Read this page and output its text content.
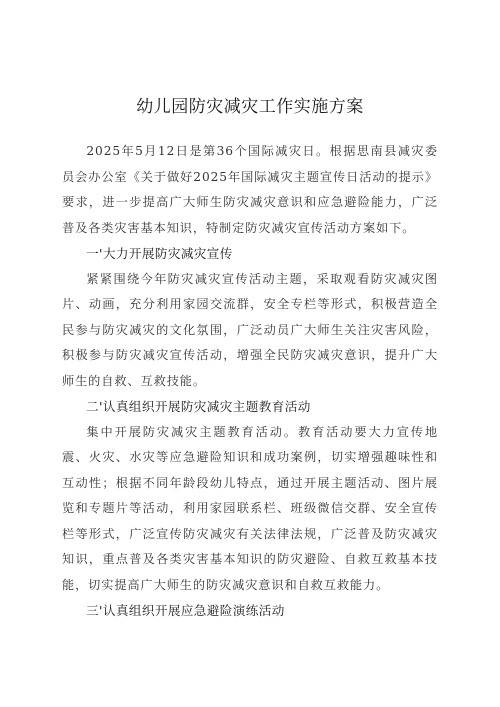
幼儿园防灾减灾工作实施方案

2025年5月12日是第36个国际减灾日。根据思南县减灾委员会办公室《关于做好2025年国际减灾主题宣传日活动的提示》要求，进一步提高广大师生防灾减灾意识和应急避险能力，广泛普及各类灾害基本知识，特制定防灾减灾宣传活动方案如下。

一'大力开展防灾减灾宣传

紧紧围绕今年防灾减灾宣传活动主题，采取观看防灾减灾图片、动画，充分利用家园交流群，安全专栏等形式，积极营造全民参与防灾减灾的文化氛围，广泛动员广大师生关注灾害风险，积极参与防灾减灾宣传活动，增强全民防灾减灾意识，提升广大师生的自救、互救技能。

二'认真组织开展防灾减灾主题教育活动

集中开展防灾减灾主题教育活动。教育活动要大力宣传地震、火灾、水灾等应急避险知识和成功案例，切实增强趣味性和互动性；根据不同年龄段幼儿特点，通过开展主题活动、图片展览和专题片等活动，利用家园联系栏、班级微信交群、安全宣传栏等形式，广泛宣传防灾减灾有关法律法规，广泛普及防灾减灾知识，重点普及各类灾害基本知识的防灾避险、自救互救基本技能，切实提高广大师生的防灾减灾意识和自救互救能力。

三'认真组织开展应急避险演练活动
